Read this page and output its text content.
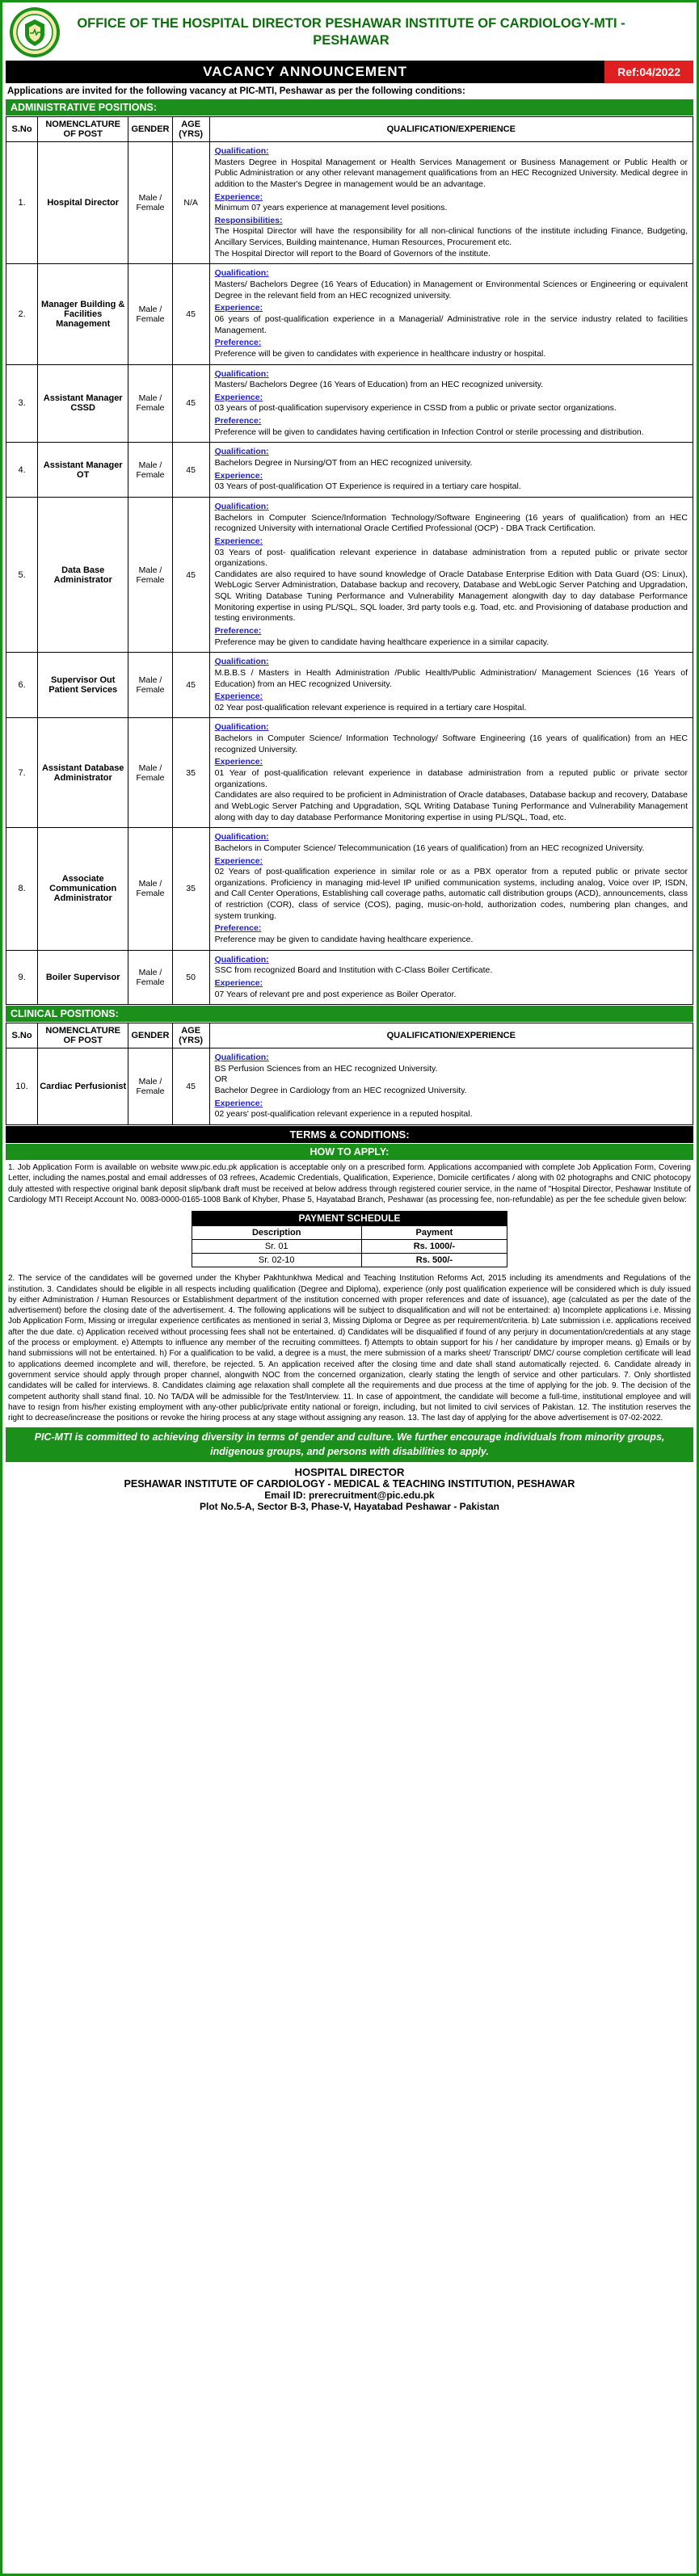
OFFICE OF THE HOSPITAL DIRECTOR PESHAWAR INSTITUTE OF CARDIOLOGY-MTI - PESHAWAR
VACANCY ANNOUNCEMENT	Ref:04/2022
Applications are invited for the following vacancy at PIC-MTI, Peshawar as per the following conditions:
ADMINISTRATIVE POSITIONS:
S.No	NOMENCLATURE OF POST	GENDER	AGE (YRS)	QUALIFICATION/EXPERIENCE
1.	Hospital Director	Male / Female	N/A	
Qualification:
Masters Degree in Hospital Management or Health Services Management or Business Management or Public Health or Public Administration or any other relevant management qualifications from an HEC Recognized University. Medical degree in addition to the Master's Degree in management would be an advantage.
Experience:
Minimum 07 years experience at management level positions.
Responsibilities:
The Hospital Director will have the responsibility for all non-clinical functions of the institute including Finance, Budgeting, Ancillary Services, Building maintenance, Human Resources, Procurement etc.
The Hospital Director will report to the Board of Governors of the institute.

2.	Manager Building & Facilities Management	Male / Female	45	
Qualification:
Masters/ Bachelors Degree (16 Years of Education) in Management or Environmental Sciences or Engineering or equivalent Degree in the relevant field from an HEC recognized university.
Experience:
06 years of post-qualification experience in a Managerial/ Administrative role in the service industry related to facilities Management.
Preference:
Preference will be given to candidates with experience in healthcare industry or hospital.

3.	Assistant Manager CSSD	Male / Female	45	
Qualification:
Masters/ Bachelors Degree (16 Years of Education) from an HEC recognized university.
Experience:
03 years of post-qualification supervisory experience in CSSD from a public or private sector organizations.
Preference:
Preference will be given to candidates having certification in Infection Control or sterile processing and distribution.

4.	Assistant Manager OT	Male / Female	45	Qualification:
Bachelors Degree in Nursing/OT from an HEC recognized university.
Experience:
03 Years of post-qualification OT Experience is required in a tertiary care hospital.

5.	Data Base Administrator	Male / Female	45	
Qualification:
Bachelors in Computer Science/Information Technology/Software Engineering (16 years of qualification) from an HEC recognized University with international Oracle Certified Professional (OCP) - DBA Track Certification.
Experience:
03 Years of post- qualification relevant experience in database administration from a reputed public or private sector organizations.
Candidates are also required to have sound knowledge of Oracle Database Enterprise Edition with Data Guard (OS: Linux), WebLogic Server Administration, Database backup and recovery, Database and WebLogic Server Patching and Upgradation, SQL Writing Database Tuning Performance and Vulnerability Management alongwith day to day database Performance Monitoring expertise in using PL/SQL, SQL loader, 3rd party tools e.g. Toad, etc. and Provisioning of database production and testing environments.
Preference:
Preference may be given to candidate having healthcare experience in a similar capacity.

6.	Supervisor Out Patient Services	Male / Female	45	Qualification:
M.B.B.S / Masters in Health Administration /Public Health/Public Administration/ Management Sciences (16 Years of Education) from an HEC recognized University.
Experience:
02 Year post-qualification relevant experience is required in a tertiary care Hospital.

7.	Assistant Database Administrator	Male / Female	35	Qualification:
Bachelors in Computer Science/ Information Technology/ Software Engineering (16 years of qualification) from an HEC recognized University.
Experience:
01 Year of post-qualification relevant experience in database administration from a reputed public or private sector organizations.
Candidates are also required to be proficient in Administration of Oracle databases, Database backup and recovery, Database and WebLogic Server Patching and Upgradation, SQL Writing Database Tuning Performance and Vulnerability Management along with day to day database Performance Monitoring expertise in using PL/SQL, Toad, etc.

8.	Associate Communication Administrator	Male / Female	35	
Qualification:
Bachelors in Computer Science/ Telecommunication (16 years of qualification) from an HEC recognized University.
Experience:
02 Years of post-qualification experience in similar role or as a PBX operator from a reputed public or private sector organizations. Proficiency in managing mid-level IP unified communication systems, including analog, Voice over IP, ISDN, and Call Center Operations, Establishing call coverage paths, automatic call distribution groups (ACD), announcements, class of restriction (COR), class of service (COS), paging, music-on-hold, authorization codes, numbering plan changes, and system trunking.
Preference:
Preference may be given to candidate having healthcare experience.

9.	Boiler Supervisor	Male / Female	50	Qualification:
SSC from recognized Board and Institution with C-Class Boiler Certificate.
Experience:
07 Years of relevant pre and post experience as Boiler Operator.
CLINICAL POSITIONS:
S.No	NOMENCLATURE OF POST	GENDER	AGE (YRS)	QUALIFICATION/EXPERIENCE
10.	Cardiac Perfusionist	Male / Female	45	
Qualification:
BS Perfusion Sciences from an HEC recognized University.
OR
Bachelor Degree in Cardiology from an HEC recognized University.
Experience:
02 years' post-qualification relevant experience in a reputed hospital.
TERMS & CONDITIONS:
HOW TO APPLY:
1. Job Application Form is available on website www.pic.edu.pk application is acceptable only on a prescribed form. Applications accompanied with complete Job Application Form, Covering Letter, including the names,postal and email addresses of 03 refrees, Academic Credentials, Qualification, Experience, Domicile certificates / along with 02 photographs and CNIC photocopy duly attested with respective original bank deposit slip/bank draft must be received at below address through registered courier service, in the name of "Hospital Director, Peshawar Institute of Cardiology MTI Receipt Account No. 0083-0000-0165-1008 Bank of Khyber, Phase 5, Hayatabad Branch, Peshawar (as processing fee, non-refundable) as per the fee schedule given below:
PAYMENT SCHEDULE
Description	Payment
Sr. 01	Rs. 1000/-
Sr. 02-10	Rs. 500/-
2. The service of the candidates will be governed under the Khyber Pakhtunkhwa Medical and Teaching Institution Reforms Act, 2015 including its amendments and Regulations of the institution. 3. Candidates should be eligible in all respects including qualification (Degree and Diploma), experience (only post qualification experience will be considered which is duly issued by either Administration / Human Resources or Establishment department of the institution concerned with proper references and date of issuance), age (calculated as per the date of the advertisement) before the closing date of the advertisement. 4. The following applications will be subject to disqualification and will not be entertained: a) Incomplete applications i.e. Missing Job Application Form, Missing or irregular experience certificates as mentioned in serial 3, Missing Diploma or Degree as per requirement/criteria. b) Late submission i.e. applications received after the due date. c) Application received without processing fees shall not be entertained. d) Candidates will be disqualified if found of any perjury in documentation/credentials at any stage of the process or employment. e) Attempts to influence any member of the recruiting committees. f) Attempts to obtain support for his / her candidature by improper means. g) Emails or by hand submissions will not be entertained. h) For a qualification to be valid, a degree is a must, the mere submission of a marks sheet/ Transcript/ DMC/ course completion certificate will lead to applications deemed incomplete and will, therefore, be rejected. 5. An application received after the closing time and date shall stand automatically rejected. 6. Candidate already in government service should apply through proper channel, alongwith NOC from the concerned organization, clearly stating the length of service and other particulars. 7. Only shortlisted candidates will be called for interviews. 8. Candidates claiming age relaxation shall complete all the requirements and due process at the time of applying for the job. 9. The decision of the competent authority shall stand final. 10. No TA/DA will be admissible for the Test/Interview. 11. In case of appointment, the candidate will become a full-time, institutional employee and will have to resign from his/her existing employment with any-other public/private entity national or foreign, including, but not limited to civil services of Pakistan. 12. The institution reserves the right to decrease/increase the positions or revoke the hiring process at any stage without assigning any reason. 13. The last day of applying for the above advertisement is 07-02-2022.
PIC-MTI is committed to achieving diversity in terms of gender and culture. We further encourage individuals from minority groups, indigenous groups, and persons with disabilities to apply.
HOSPITAL DIRECTOR
PESHAWAR INSTITUTE OF CARDIOLOGY - MEDICAL & TEACHING INSTITUTION, PESHAWAR
Email ID: prerecruitment@pic.edu.pk
Plot No.5-A, Sector B-3, Phase-V, Hayatabad Peshawar - Pakistan
